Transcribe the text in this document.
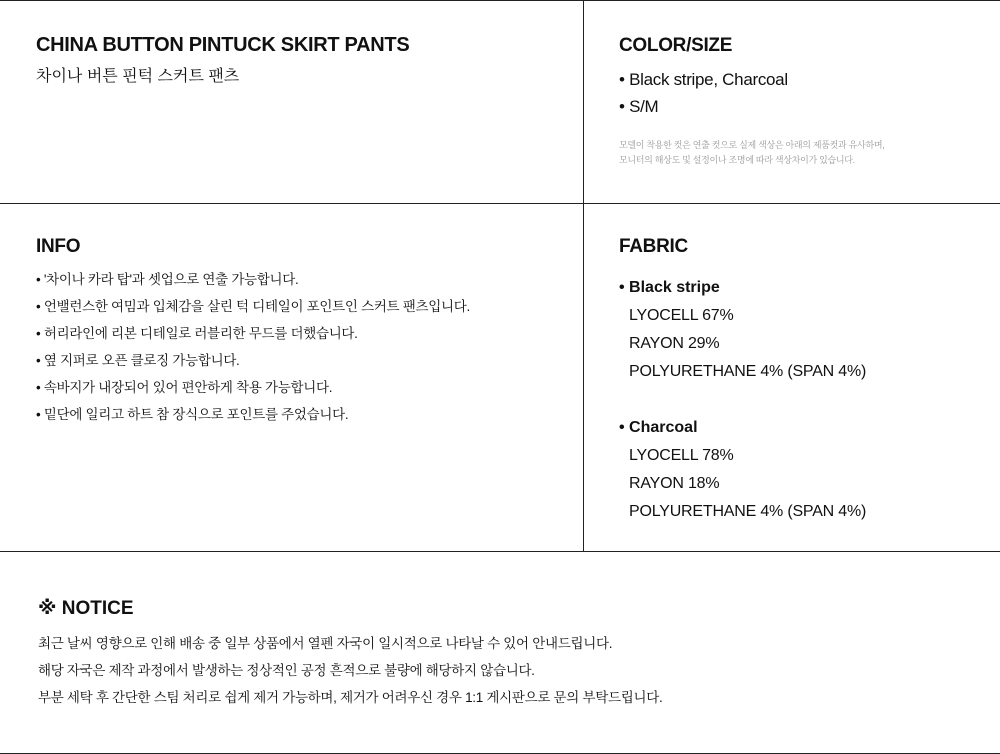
CHINA BUTTON PINTUCK SKIRT PANTS
차이나 버튼 핀턱 스커트 팬츠
COLOR/SIZE
• Black stripe, Charcoal
• S/M
모델이 착용한 컷은 연출 컷으로 실제 색상은 아래의 제품컷과 유사하며,
모니터의 해상도 및 설정이나 조명에 따라 색상차이가 있습니다.
INFO
• '차이나 카라 탑'과 셋업으로 연출 가능합니다.
• 언밸런스한 여밈과 입체감을 살린 턱 디테일이 포인트인 스커트 팬츠입니다.
• 허리라인에 리본 디테일로 러블리한 무드를 더했습니다.
• 옆 지퍼로 오픈 클로징 가능합니다.
• 속바지가 내장되어 있어 편안하게 착용 가능합니다.
• 밑단에 일리고 하트 참 장식으로 포인트를 주었습니다.
FABRIC
• Black stripe
LYOCELL 67%
RAYON 29%
POLYURETHANE 4% (SPAN 4%)
• Charcoal
LYOCELL 78%
RAYON 18%
POLYURETHANE 4% (SPAN 4%)
※ NOTICE
최근 날씨 영향으로 인해 배송 중 일부 상품에서 열펜 자국이 일시적으로 나타날 수 있어 안내드립니다.
해당 자국은 제작 과정에서 발생하는 정상적인 공정 흔적으로 불량에 해당하지 않습니다.
부분 세탁 후 간단한 스팀 처리로 쉽게 제거 가능하며, 제거가 어려우신 경우 1:1 게시판으로 문의 부탁드립니다.
